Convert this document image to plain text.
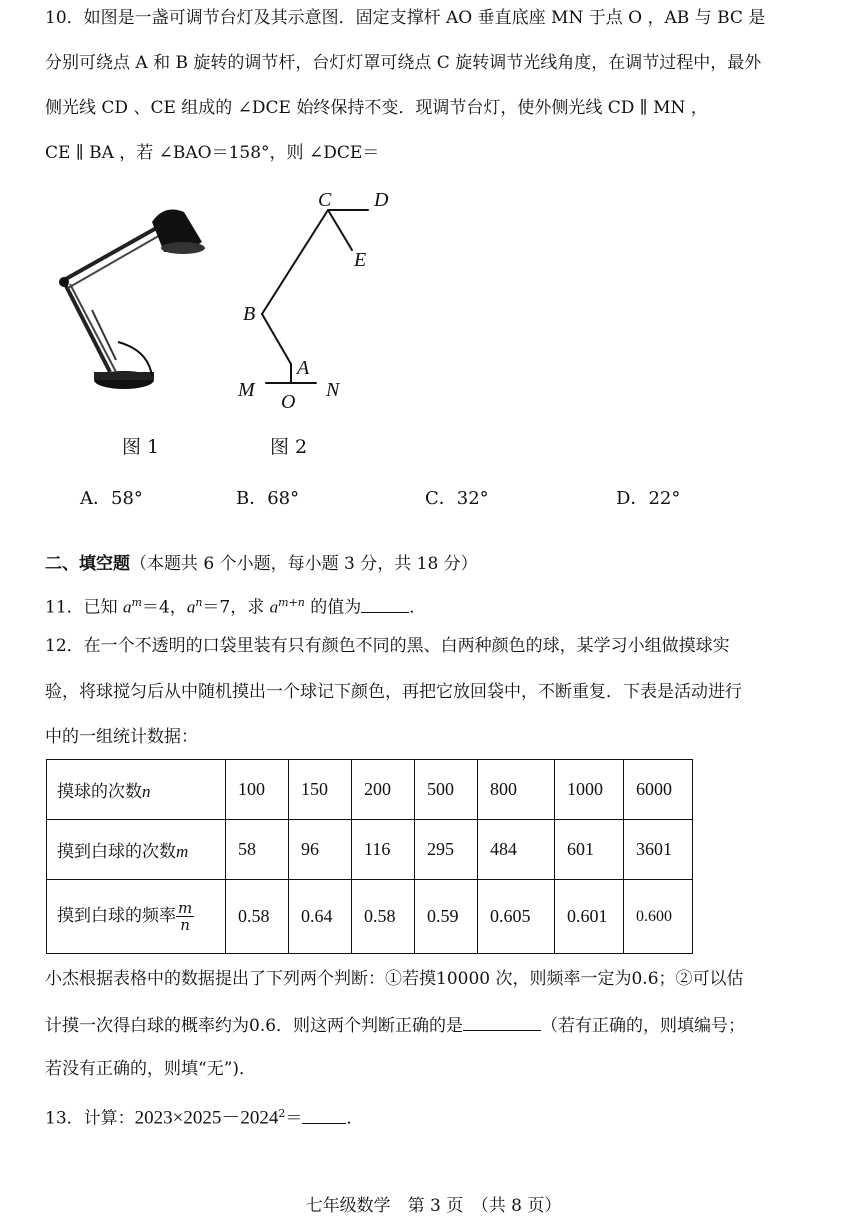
10．如图是一盏可调节台灯及其示意图．固定支撑杆 AO 垂直底座 MN 于点 O ，AB 与 BC 是
分别可绕点 A 和 B 旋转的调节杆，台灯灯罩可绕点 C 旋转调节光线角度，在调节过程中，最外
侧光线 CD 、CE 组成的 ∠DCE 始终保持不变．现调节台灯，使外侧光线 CD ∥ MN ，
CE ∥ BA ，若 ∠BAO＝158°，则 ∠DCE＝
C D
E
B
A
M
O
N
图 1	图 2
A．58°	B．68°	C．32°	D．22°
二、填空题（本题共 6 个小题，每小题 3 分，共 18 分）
11．已知 $a^m=4$，$a^n=7$，求 $a^{m+n}$ 的值为	．
12．在一个不透明的口袋里装有只有颜色不同的黑、白两种颜色的球，某学习小组做摸球实
验，将球搅匀后从中随机摸出一个球记下颜色，再把它放回袋中，不断重复．下表是活动进行
中的一组统计数据：
摸球的次数n	100	150	200	500	800	1000	6000
摸到白球的次数m	58	96	116	295	484	601	3601
摸到白球的频率 $\frac{m}{n}$	0.58	0.64	0.58	0.59	0.605	0.601	0.600
小杰根据表格中的数据提出了下列两个判断：①若摸10000 次，则频率一定为0.6；②可以估
计摸一次得白球的概率约为0.6．则这两个判断正确的是	（若有正确的，则填编号；
若没有正确的，则填“无”)．
13．计算：$2023\times 2025-2024^2=$	．
七年级数学　第 3 页　（共 8 页）
